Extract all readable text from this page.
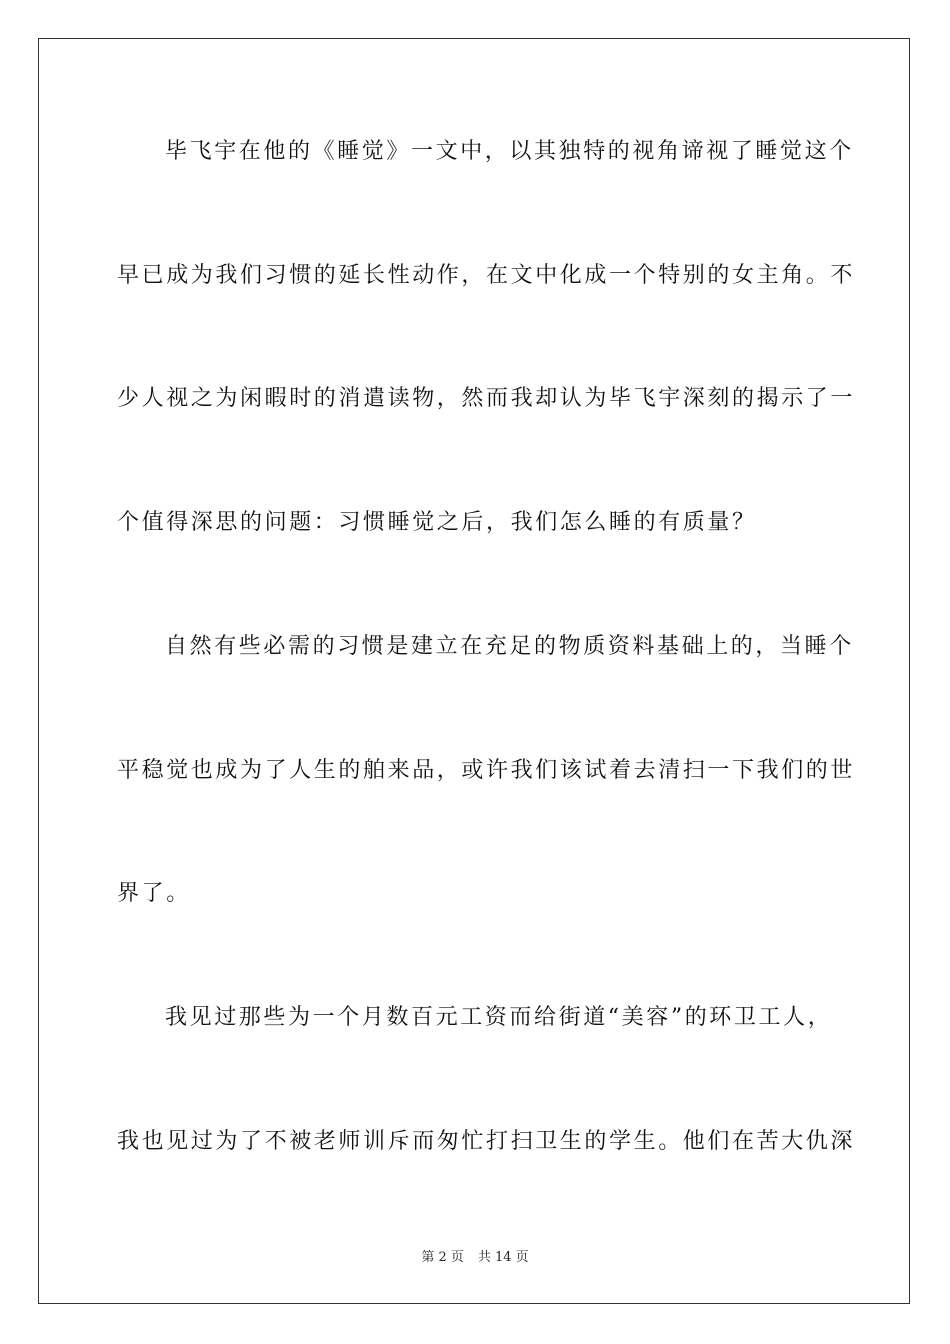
毕飞宇在他的《睡觉》一文中，以其独特的视角谛视了睡觉这个
早已成为我们习惯的延长性动作，在文中化成一个特别的女主角。不
少人视之为闲暇时的消遣读物，然而我却认为毕飞宇深刻的揭示了一
个值得深思的问题：习惯睡觉之后，我们怎么睡的有质量？
自然有些必需的习惯是建立在充足的物质资料基础上的，当睡个
平稳觉也成为了人生的舶来品，或许我们该试着去清扫一下我们的世
界了。
我见过那些为一个月数百元工资而给街道“美容”的环卫工人，
我也见过为了不被老师训斥而匆忙打扫卫生的学生。他们在苦大仇深
第 2 页 共 14 页
